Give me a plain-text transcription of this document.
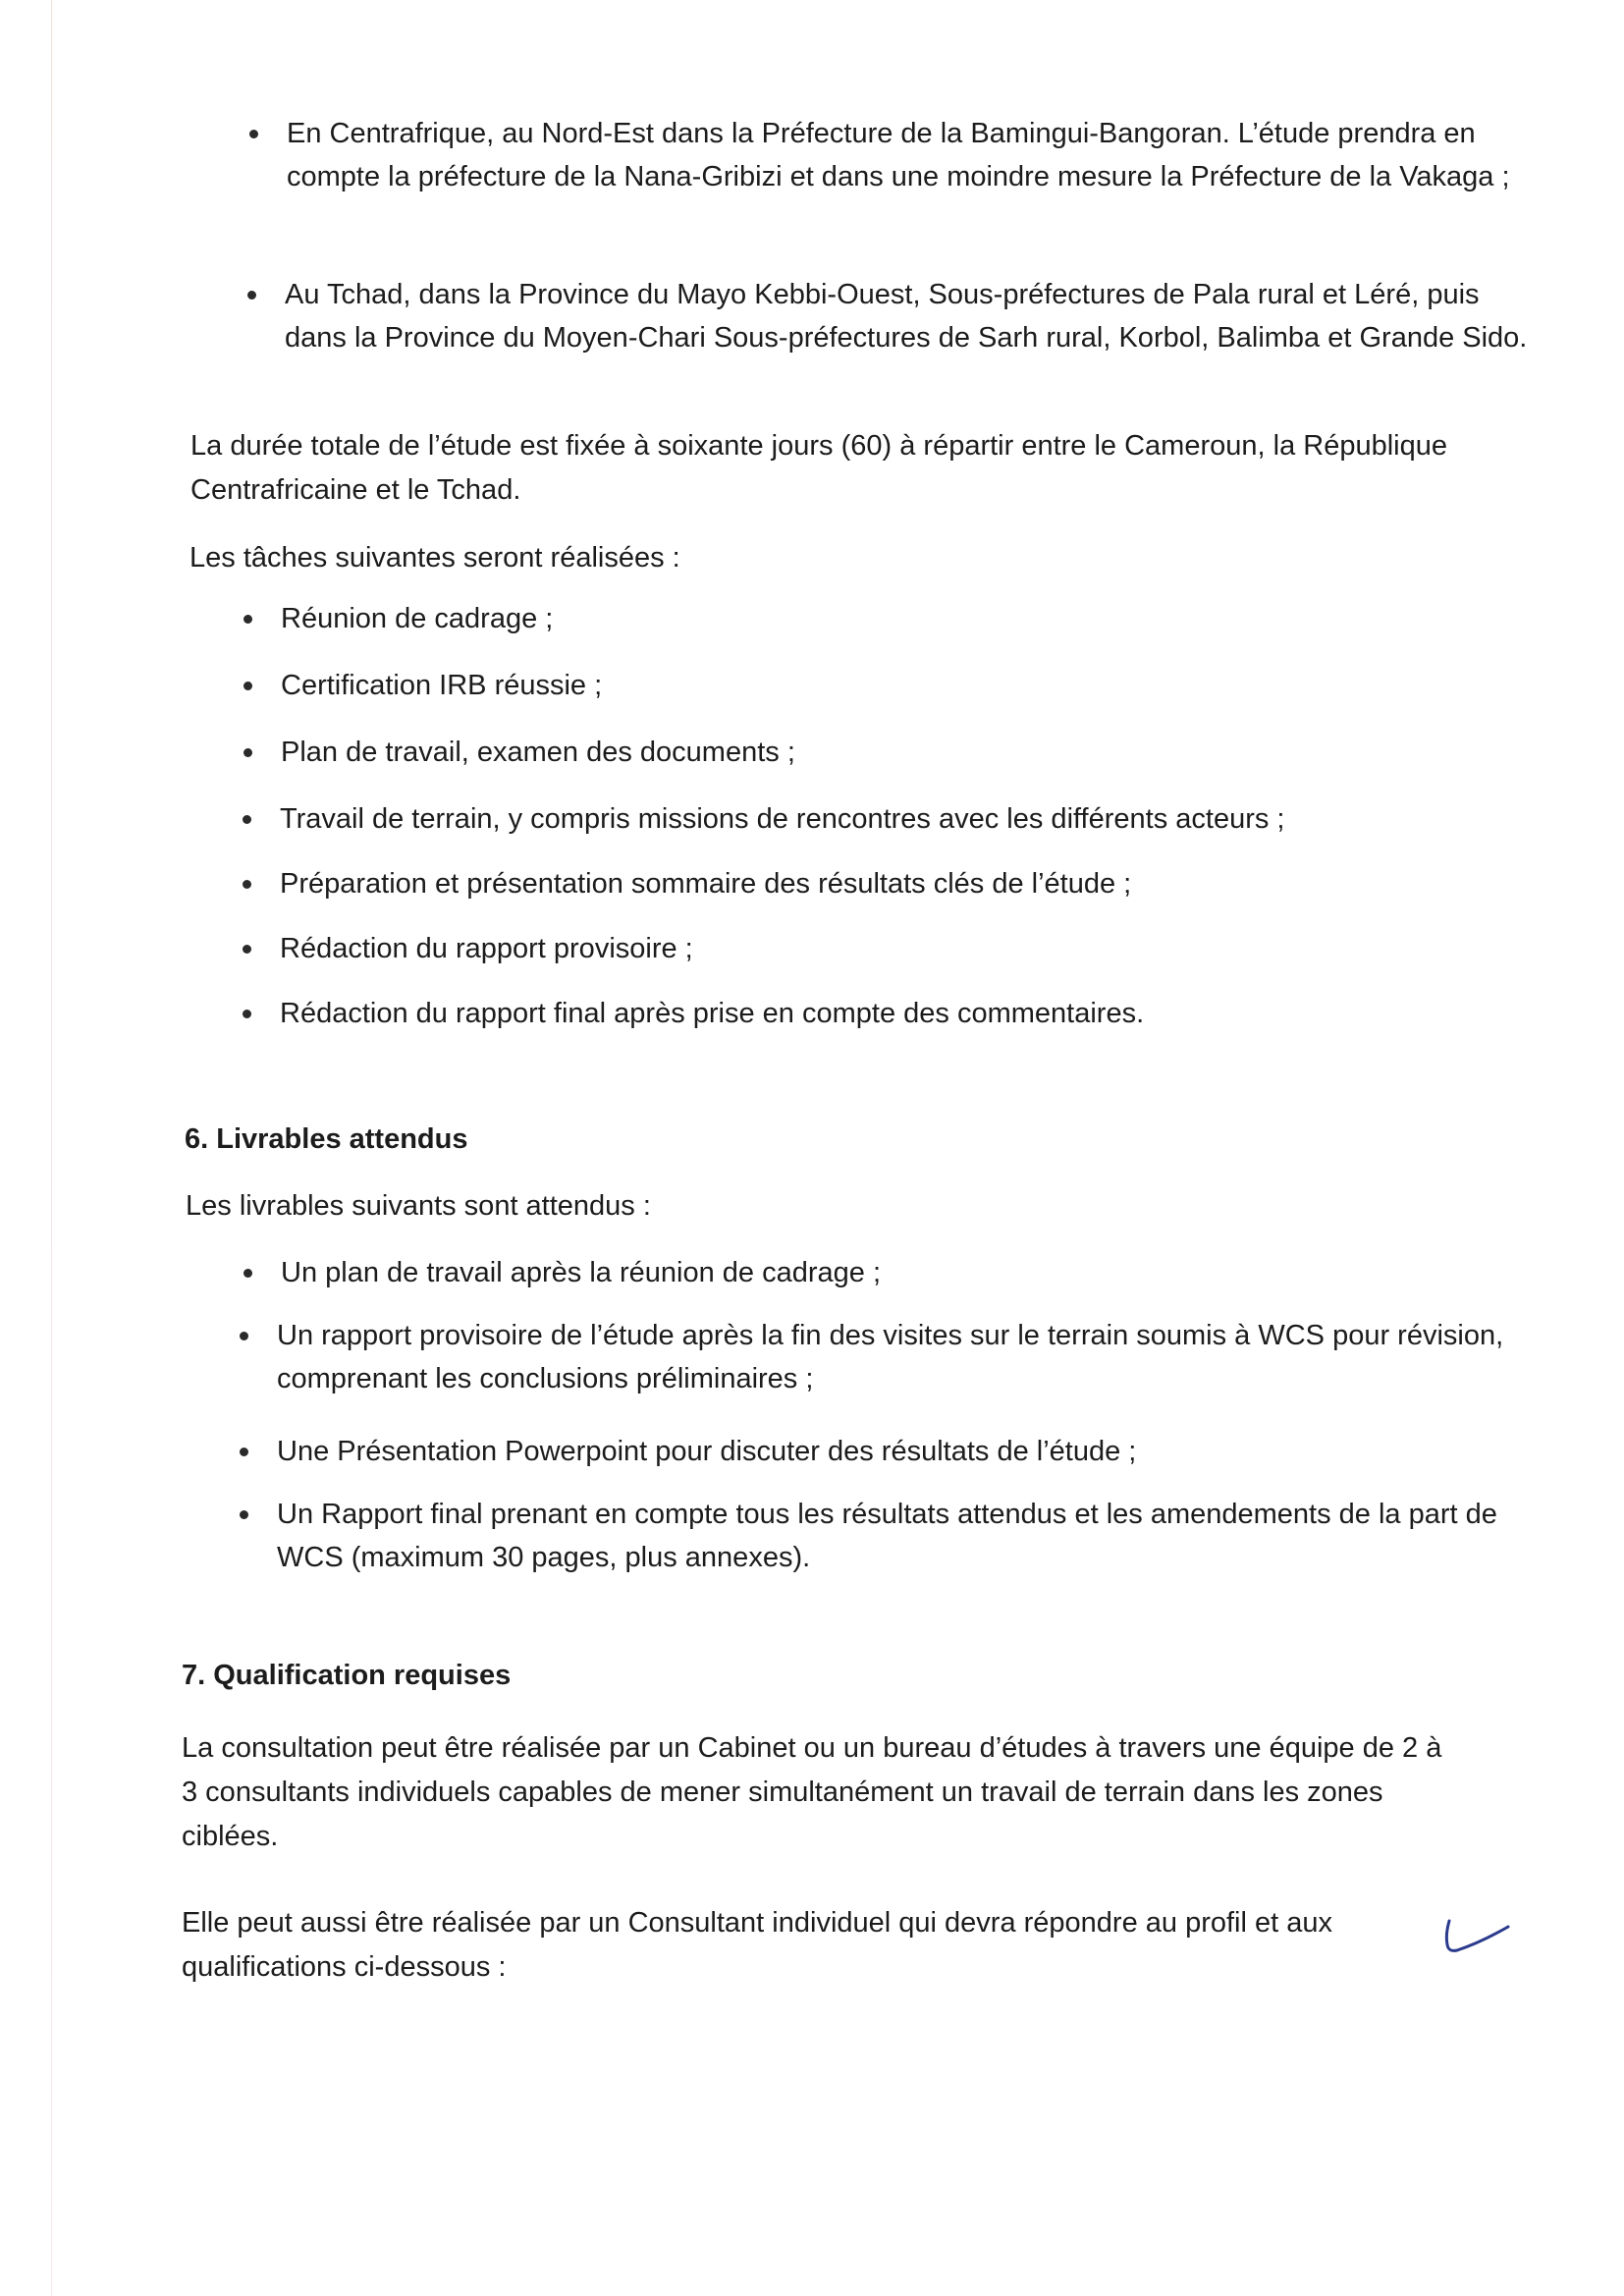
En Centrafrique, au Nord-Est dans la Préfecture de la Bamingui-Bangoran. L’étude prendra en compte la préfecture de la Nana-Gribizi et dans une moindre mesure la Préfecture de la Vakaga ;
Au Tchad, dans la Province du Mayo Kebbi-Ouest, Sous-préfectures de Pala rural et Léré, puis dans la Province du Moyen-Chari Sous-préfectures de Sarh rural, Korbol, Balimba et Grande Sido.

La durée totale de l’étude est fixée à soixante jours (60) à répartir entre le Cameroun, la République Centrafricaine et le Tchad.

Les tâches suivantes seront réalisées :

Réunion de cadrage ;
Certification IRB réussie ;
Plan de travail, examen des documents ;
Travail de terrain, y compris missions de rencontres avec les différents acteurs ;
Préparation et présentation sommaire des résultats clés de l’étude ;
Rédaction du rapport provisoire ;
Rédaction du rapport final après prise en compte des commentaires.
6. Livrables attendus

Les livrables suivants sont attendus :

Un plan de travail après la réunion de cadrage ;
Un rapport provisoire de l’étude après la fin des visites sur le terrain soumis à WCS pour révision, comprenant les conclusions préliminaires ;
Une Présentation Powerpoint pour discuter des résultats de l’étude ;
Un Rapport final prenant en compte tous les résultats attendus et les amendements de la part de WCS (maximum 30 pages, plus annexes).
7. Qualification requises

La consultation peut être réalisée par un Cabinet ou un bureau d’études à travers une équipe de 2 à 3 consultants individuels capables de mener simultanément un travail de terrain dans les zones ciblées.

Elle peut aussi être réalisée par un Consultant individuel qui devra répondre au profil et aux qualifications ci-dessous :
